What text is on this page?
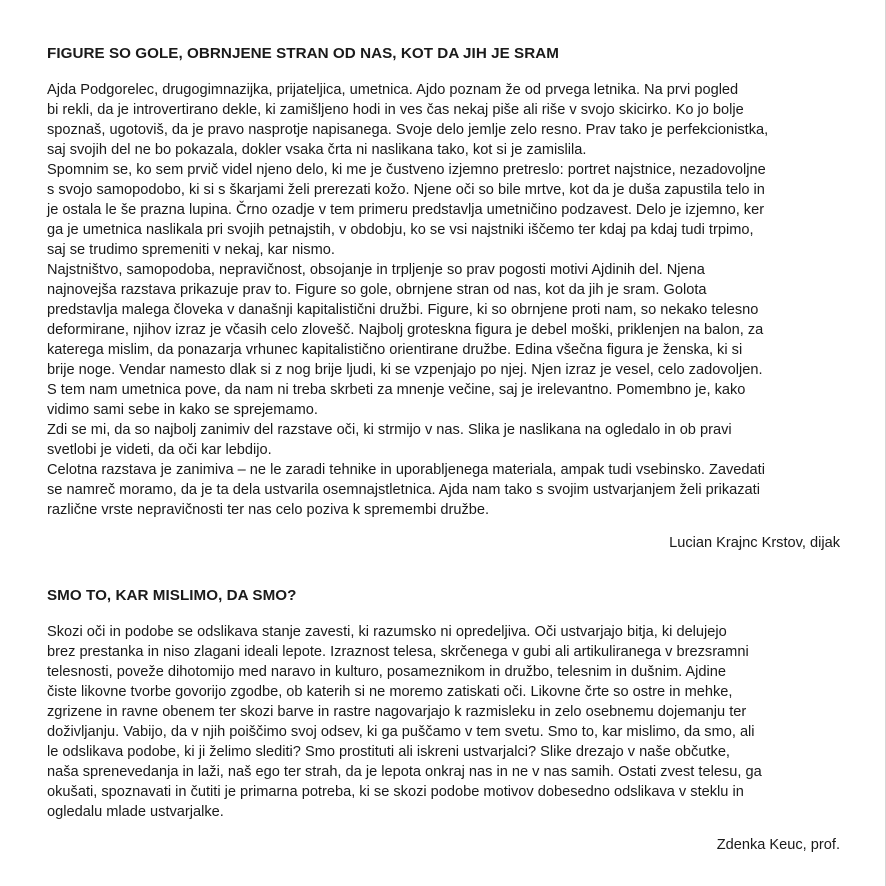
FIGURE SO GOLE, OBRNJENE STRAN OD NAS, KOT DA JIH JE SRAM
Ajda Podgorelec, drugogimnazijka, prijateljica, umetnica. Ajdo poznam že od prvega letnika. Na prvi pogled
bi rekli, da je introvertirano dekle, ki zamišljeno hodi in ves čas nekaj piše ali riše v svojo skicirko. Ko jo bolje
spoznaš, ugotoviš, da je pravo nasprotje napisanega. Svoje delo jemlje zelo resno. Prav tako je perfekcionistka,
saj svojih del ne bo pokazala, dokler vsaka črta ni naslikana tako, kot si je zamislila.
Spomnim se, ko sem prvič videl njeno delo, ki me je čustveno izjemno pretreslo: portret najstnice, nezadovoljne
s svojo samopodobo, ki si s škarjami želi prerezati kožo. Njene oči so bile mrtve, kot da je duša zapustila telo in
je ostala le še prazna lupina. Črno ozadje v tem primeru predstavlja umetničino podzavest. Delo je izjemno, ker
ga je umetnica naslikala pri svojih petnajstih, v obdobju, ko se vsi najstniki iščemo ter kdaj pa kdaj tudi trpimo,
saj se trudimo spremeniti v nekaj, kar nismo.
Najstništvo, samopodoba, nepravičnost, obsojanje in trpljenje so prav pogosti motivi Ajdinih del. Njena
najnovejša razstava prikazuje prav to. Figure so gole, obrnjene stran od nas, kot da jih je sram. Golota
predstavlja malega človeka v današnji kapitalistični družbi. Figure, ki so obrnjene proti nam, so nekako telesno
deformirane, njihov izraz je včasih celo zlovešč. Najbolj groteskna figura je debel moški, priklenjen na balon, za
katerega mislim, da ponazarja vrhunec kapitalistično orientirane družbe. Edina všečna figura je ženska, ki si
brije noge. Vendar namesto dlak si z nog brije ljudi, ki se vzpenjajo po njej. Njen izraz je vesel, celo zadovoljen.
S tem nam umetnica pove, da nam ni treba skrbeti za mnenje večine, saj je irelevantno. Pomembno je, kako
vidimo sami sebe in kako se sprejemamo.
Zdi se mi, da so najbolj zanimiv del razstave oči, ki strmijo v nas. Slika je naslikana na ogledalo in ob pravi
svetlobi je videti, da oči kar lebdijo.
Celotna razstava je zanimiva – ne le zaradi tehnike in uporabljenega materiala, ampak tudi vsebinsko. Zavedati
se namreč moramo, da je ta dela ustvarila osemnajstletnica. Ajda nam tako s svojim ustvarjanjem želi prikazati
različne vrste nepravičnosti ter nas celo poziva k spremembi družbe.
Lucian Krajnc Krstov, dijak
SMO TO, KAR MISLIMO, DA SMO?
Skozi oči in podobe se odslikava stanje zavesti, ki razumsko ni opredeljiva. Oči ustvarjajo bitja, ki delujejo
brez prestanka in niso zlagani ideali lepote. Izraznost telesa, skrčenega v gubi ali artikuliranega v brezsramni
telesnosti, poveže dihotomijo med naravo in kulturo, posameznikom in družbo, telesnim in dušnim. Ajdine
čiste likovne tvorbe govorijo zgodbe, ob katerih si ne moremo zatiskati oči. Likovne črte so ostre in mehke,
zgrizene in ravne obenem ter skozi barve in rastre nagovarjajo k razmisleku in zelo osebnemu dojemanju ter
doživljanju. Vabijo, da v njih poiščimo svoj odsev, ki ga puščamo v tem svetu. Smo to, kar mislimo, da smo, ali
le odslikava podobe, ki ji želimo slediti? Smo prostituti ali iskreni ustvarjalci? Slike drezajo v naše občutke,
naša sprenevedanja in laži, naš ego ter strah, da je lepota onkraj nas in ne v nas samih. Ostati zvest telesu, ga
okušati, spoznavati in čutiti je primarna potreba, ki se skozi podobe motivov dobesedno odslikava v steklu in
ogledalu mlade ustvarjalke.
Zdenka Keuc, prof.
